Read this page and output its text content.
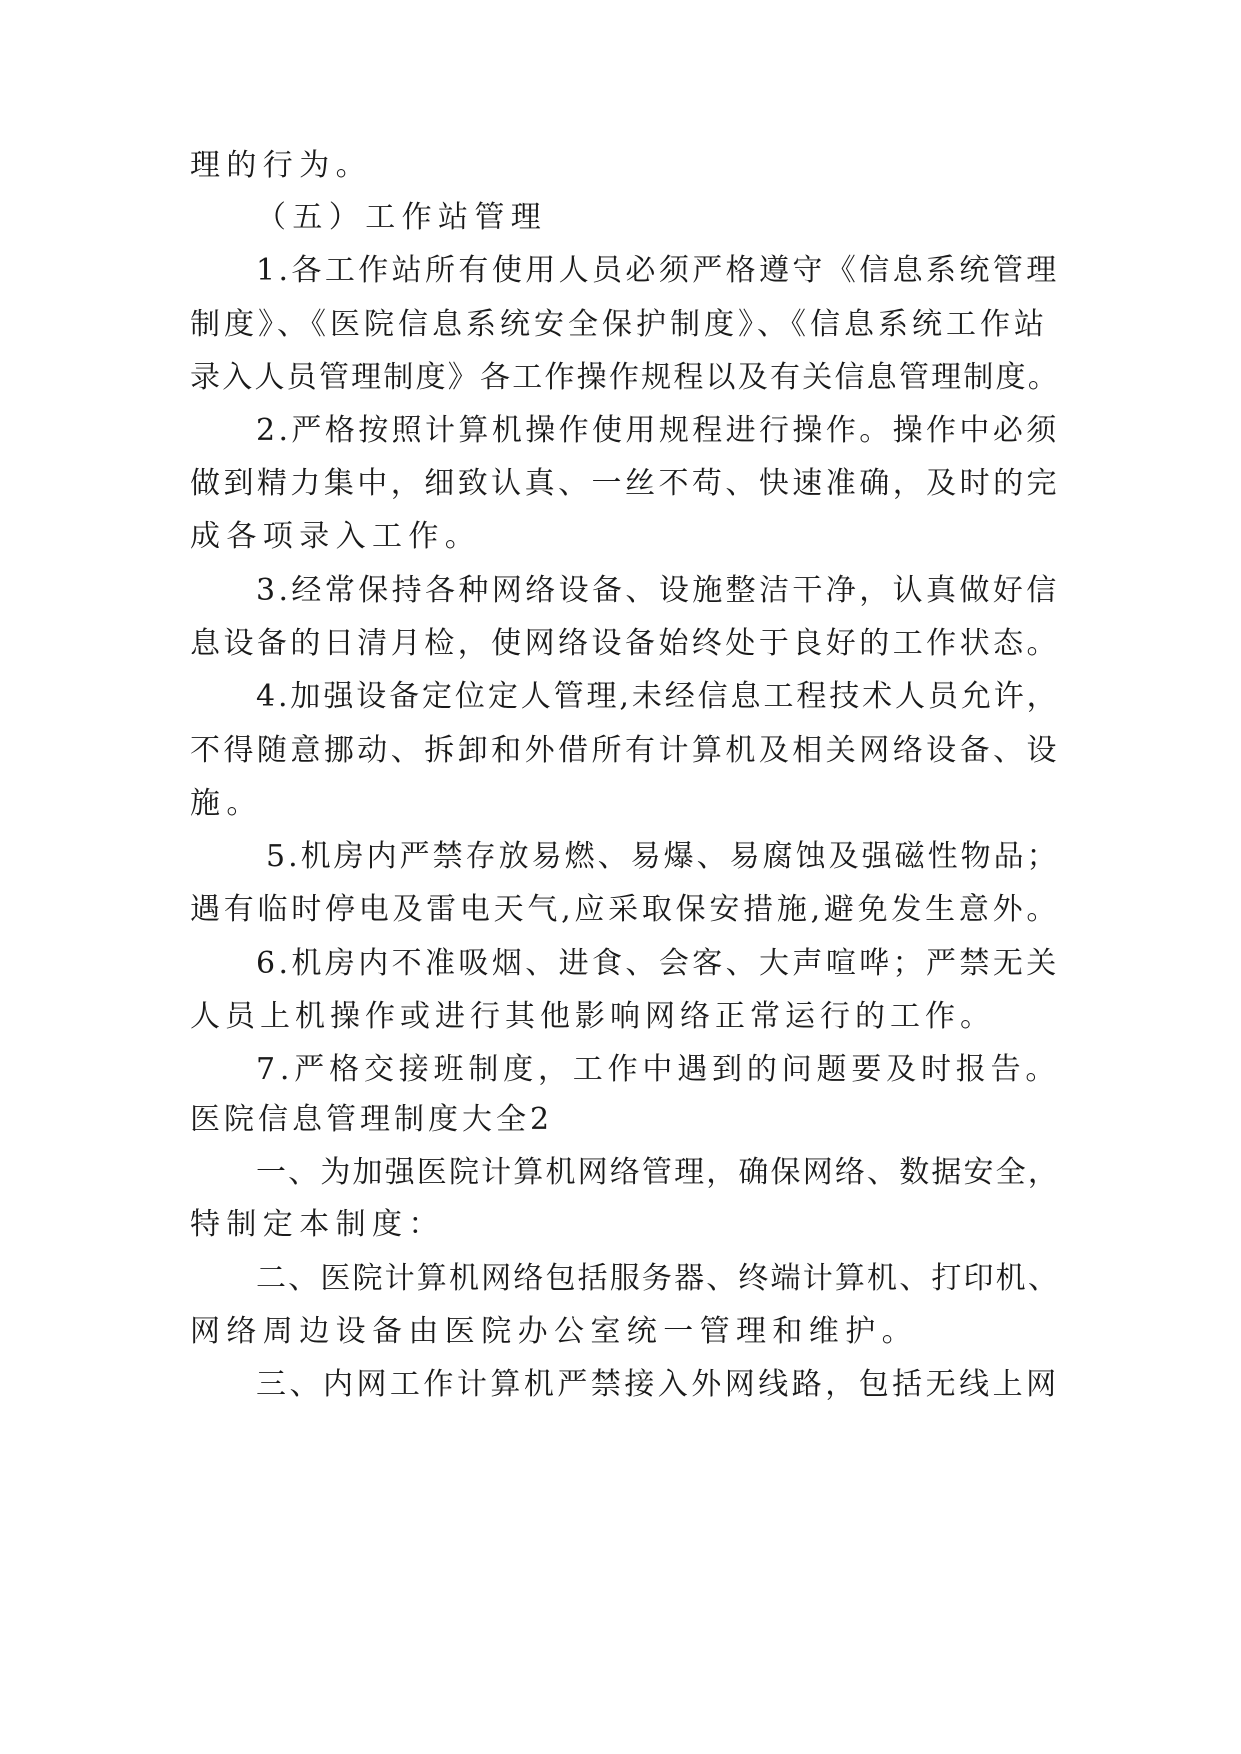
理的行为。
（五）工作站管理
1.各工作站所有使用人员必须严格遵守《信息系统管理
制度》、《医院信息系统安全保护制度》、《信息系统工作站
录入人员管理制度》各工作操作规程以及有关信息管理制度。
2.严格按照计算机操作使用规程进行操作。操作中必须
做到精力集中，细致认真、一丝不苟、快速准确，及时的完
成各项录入工作。
3.经常保持各种网络设备、设施整洁干净，认真做好信
息设备的日清月检，使网络设备始终处于良好的工作状态。
4.加强设备定位定人管理,未经信息工程技术人员允许，
不得随意挪动、拆卸和外借所有计算机及相关网络设备、设
施。
5.机房内严禁存放易燃、易爆、易腐蚀及强磁性物品；
遇有临时停电及雷电天气,应采取保安措施,避免发生意外。
6.机房内不准吸烟、进食、会客、大声喧哗；严禁无关
人员上机操作或进行其他影响网络正常运行的工作。
7.严格交接班制度，工作中遇到的问题要及时报告。
医院信息管理制度大全2
一、为加强医院计算机网络管理，确保网络、数据安全，
特制定本制度：
二、医院计算机网络包括服务器、终端计算机、打印机、
网络周边设备由医院办公室统一管理和维护。
三、内网工作计算机严禁接入外网线路，包括无线上网
